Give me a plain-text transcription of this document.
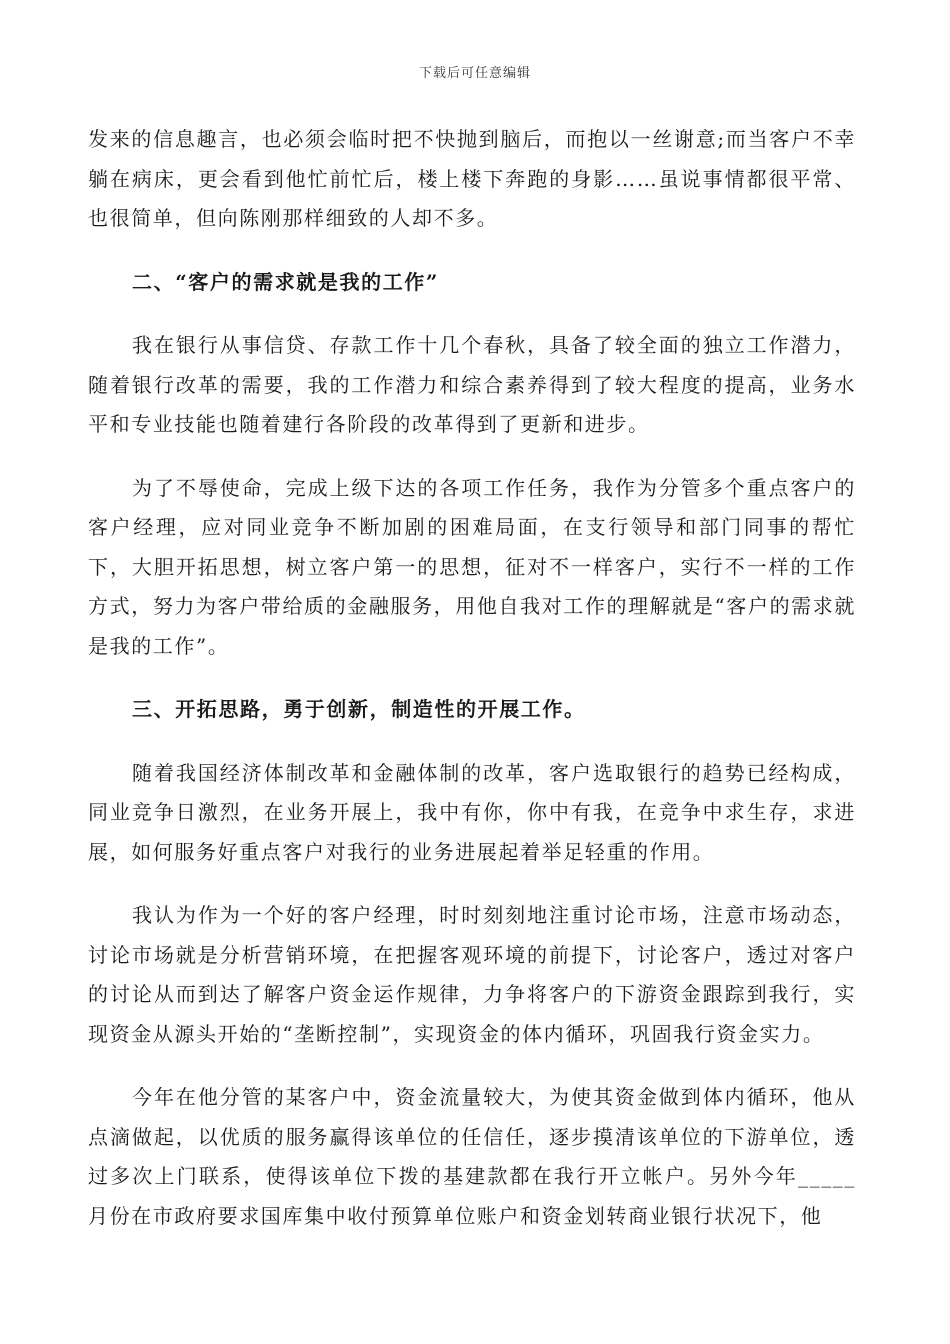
下载后可任意编辑

发来的信息趣言，也必须会临时把不快抛到脑后，而抱以一丝谢意;而当客户不幸躺在病床，更会看到他忙前忙后，楼上楼下奔跑的身影……虽说事情都很平常、也很简单，但向陈刚那样细致的人却不多。

二、“客户的需求就是我的工作”

我在银行从事信贷、存款工作十几个春秋，具备了较全面的独立工作潜力，随着银行改革的需要，我的工作潜力和综合素养得到了较大程度的提高，业务水平和专业技能也随着建行各阶段的改革得到了更新和进步。

为了不辱使命，完成上级下达的各项工作任务，我作为分管多个重点客户的客户经理，应对同业竞争不断加剧的困难局面，在支行领导和部门同事的帮忙下，大胆开拓思想，树立客户第一的思想，征对不一样客户，实行不一样的工作方式，努力为客户带给质的金融服务，用他自我对工作的理解就是“客户的需求就是我的工作”。

三、开拓思路，勇于创新，制造性的开展工作。

随着我国经济体制改革和金融体制的改革，客户选取银行的趋势已经构成，同业竞争日激烈，在业务开展上，我中有你，你中有我，在竞争中求生存，求进展，如何服务好重点客户对我行的业务进展起着举足轻重的作用。

我认为作为一个好的客户经理，时时刻刻地注重讨论市场，注意市场动态，讨论市场就是分析营销环境，在把握客观环境的前提下，讨论客户，透过对客户的讨论从而到达了解客户资金运作规律，力争将客户的下游资金跟踪到我行，实现资金从源头开始的“垄断控制”，实现资金的体内循环，巩固我行资金实力。

今年在他分管的某客户中，资金流量较大，为使其资金做到体内循环，他从点滴做起，以优质的服务赢得该单位的任信任，逐步摸清该单位的下游单位，透过多次上门联系，使得该单位下拨的基建款都在我行开立帐户。另外今年_____月份在市政府要求国库集中收付预算单位账户和资金划转商业银行状况下，他
